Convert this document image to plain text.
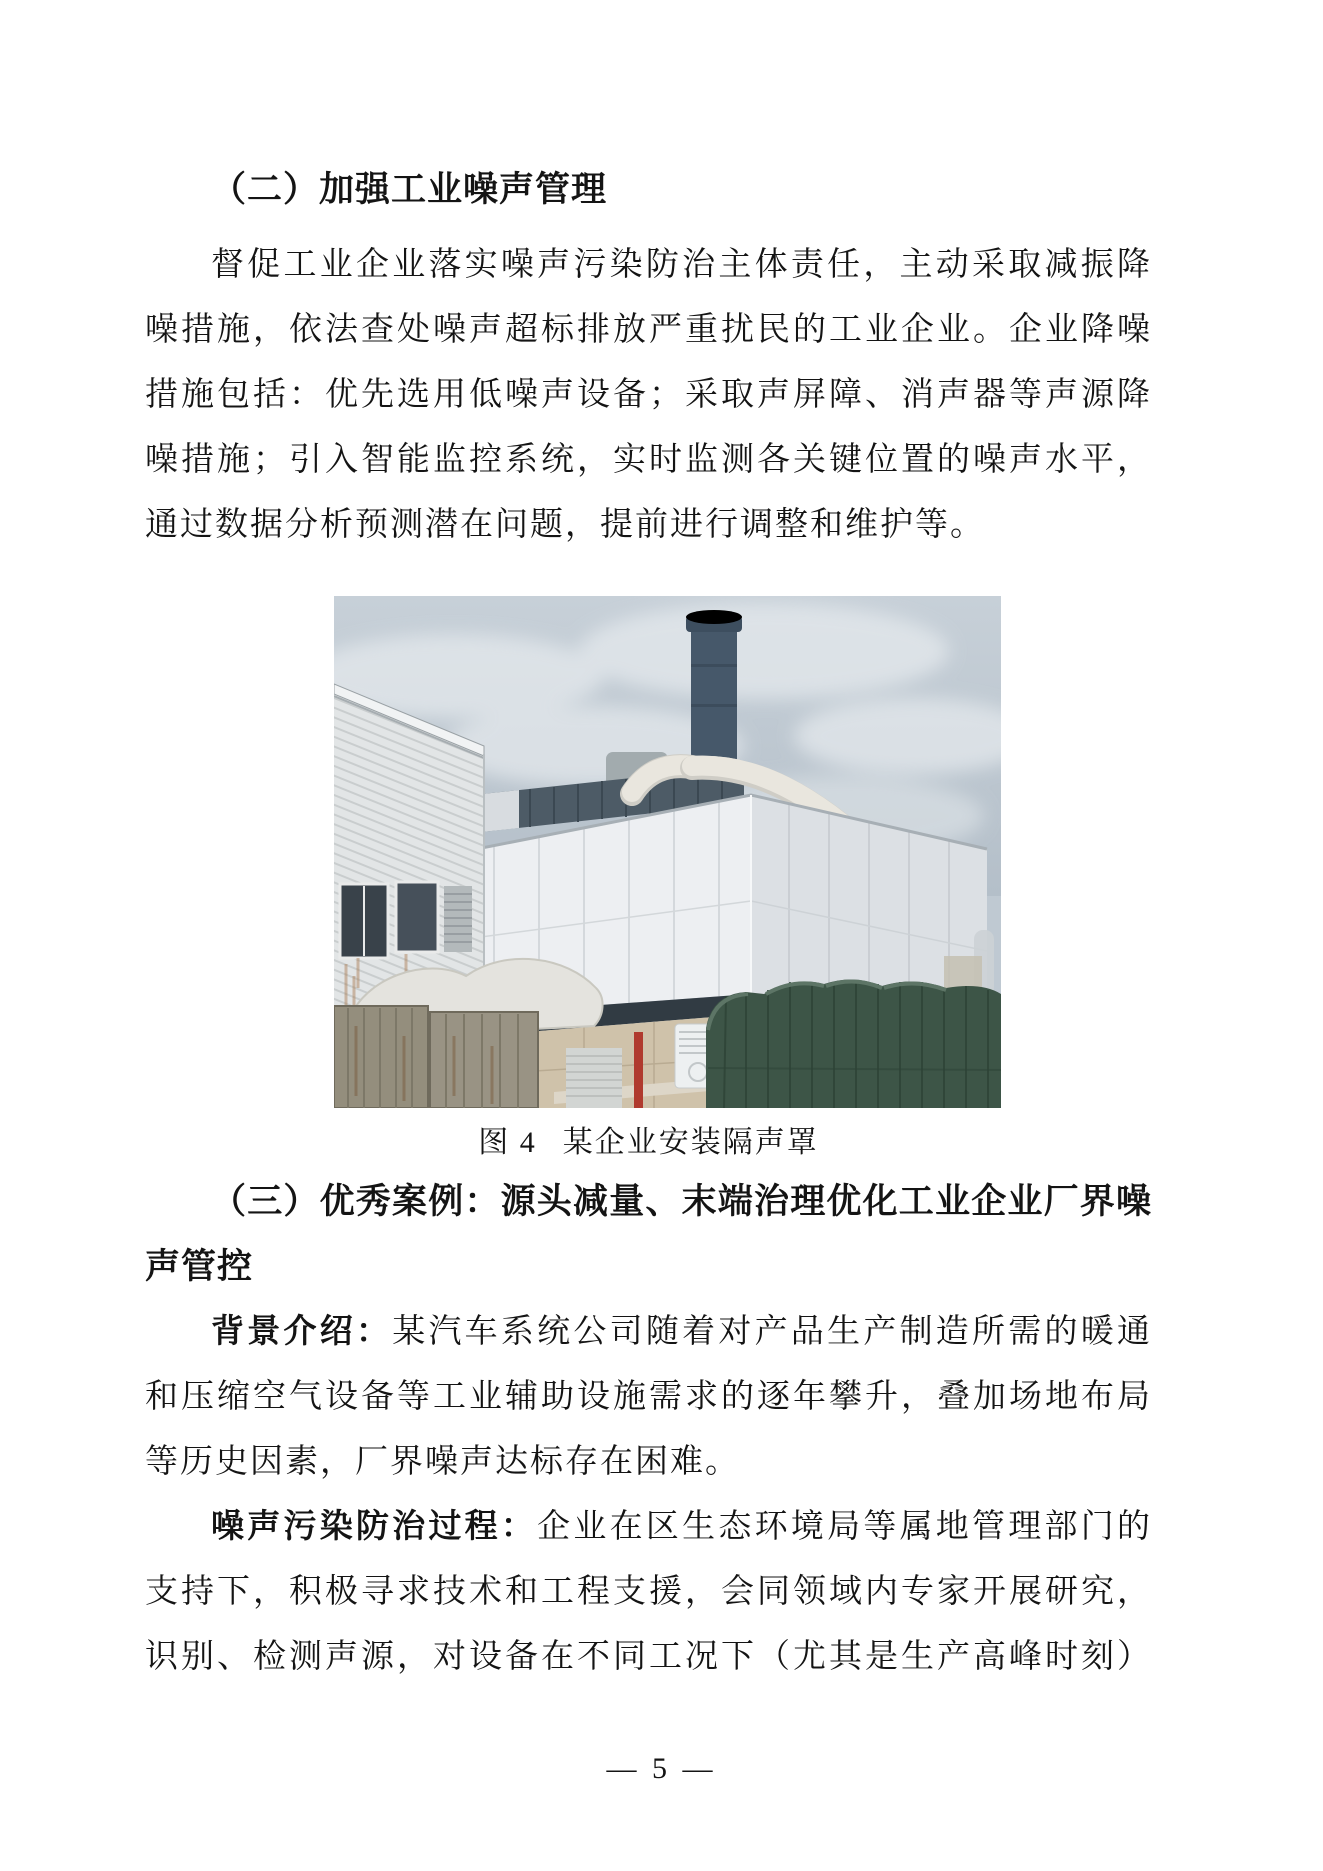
（二）加强工业噪声管理
督促工业企业落实噪声污染防治主体责任，主动采取减振降
噪措施，依法查处噪声超标排放严重扰民的工业企业。企业降噪
措施包括：优先选用低噪声设备；采取声屏障、消声器等声源降
噪措施；引入智能监控系统，实时监测各关键位置的噪声水平，
通过数据分析预测潜在问题，提前进行调整和维护等。
图 4 某企业安装隔声罩
（三）优秀案例：源头减量、末端治理优化工业企业厂界噪
声管控
背景介绍：某汽车系统公司随着对产品生产制造所需的暖通
和压缩空气设备等工业辅助设施需求的逐年攀升，叠加场地布局
等历史因素，厂界噪声达标存在困难。
噪声污染防治过程：企业在区生态环境局等属地管理部门的
支持下，积极寻求技术和工程支援，会同领域内专家开展研究，
识别、检测声源，对设备在不同工况下（尤其是生产高峰时刻）
— 5 —
